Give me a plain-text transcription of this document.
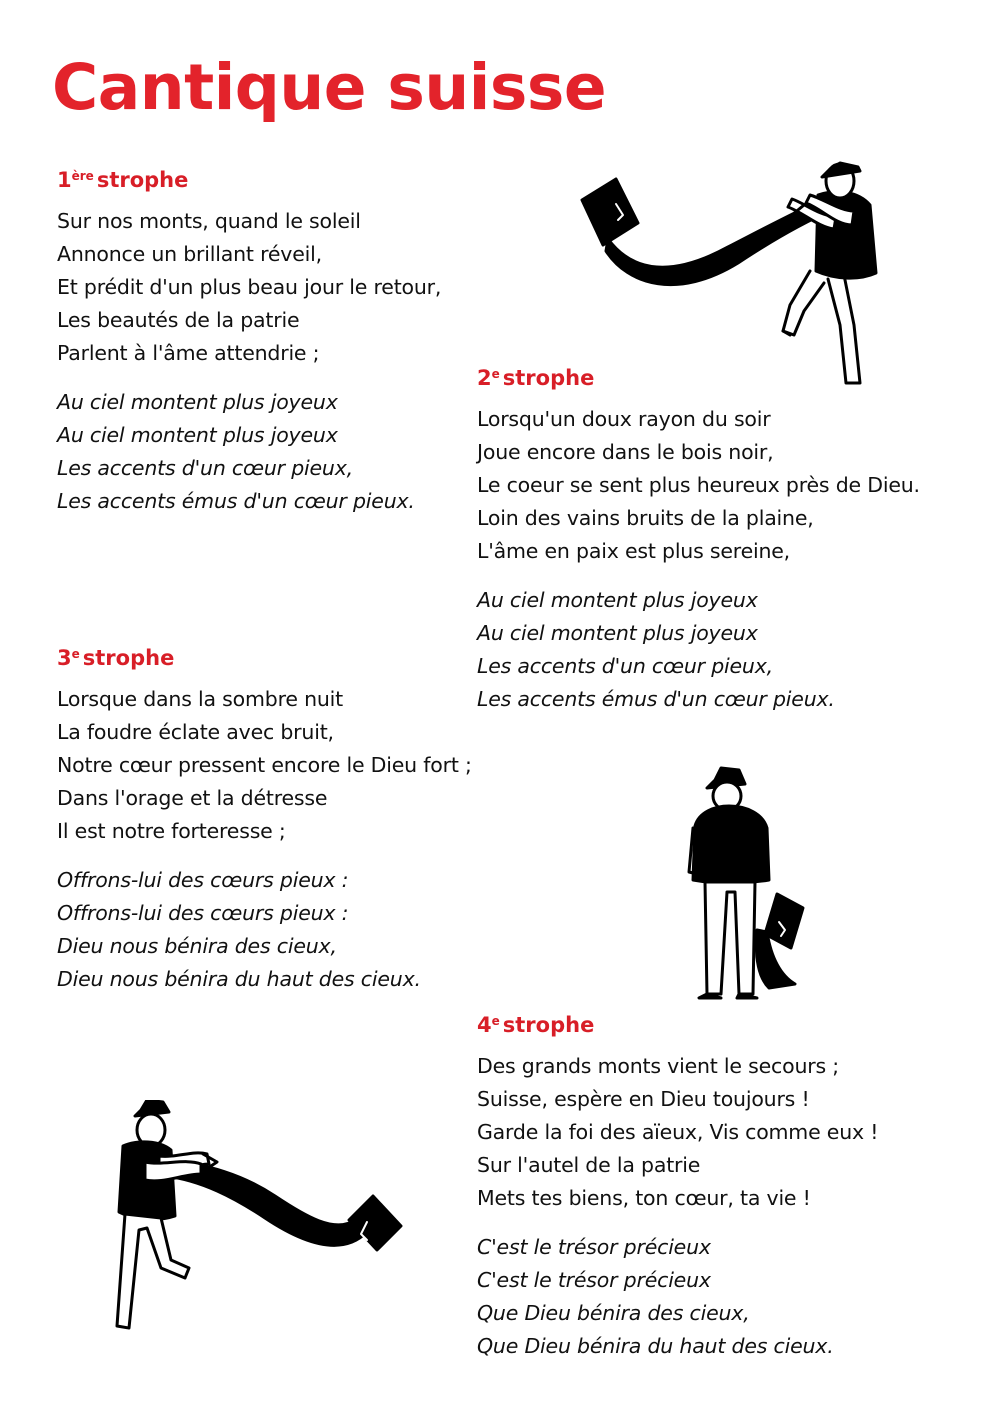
Cantique suisse
1ère strophe
Sur nos monts, quand le soleil
Annonce un brillant réveil,
Et prédit d'un plus beau jour le retour,
Les beautés de la patrie
Parlent à l'âme attendrie ;
Au ciel montent plus joyeux
Au ciel montent plus joyeux
Les accents d'un cœur pieux,
Les accents émus d'un cœur pieux.
2e strophe
Lorsqu'un doux rayon du soir
Joue encore dans le bois noir,
Le coeur se sent plus heureux près de Dieu.
Loin des vains bruits de la plaine,
L'âme en paix est plus sereine,
Au ciel montent plus joyeux
Au ciel montent plus joyeux
Les accents d'un cœur pieux,
Les accents émus d'un cœur pieux.
3e strophe
Lorsque dans la sombre nuit
La foudre éclate avec bruit,
Notre cœur pressent encore le Dieu fort ;
Dans l'orage et la détresse
Il est notre forteresse ;
Offrons-lui des cœurs pieux :
Offrons-lui des cœurs pieux :
Dieu nous bénira des cieux,
Dieu nous bénira du haut des cieux.
4e strophe
Des grands monts vient le secours ;
Suisse, espère en Dieu toujours !
Garde la foi des aïeux, Vis comme eux !
Sur l'autel de la patrie
Mets tes biens, ton cœur, ta vie !
C'est le trésor précieux
C'est le trésor précieux
Que Dieu bénira des cieux,
Que Dieu bénira du haut des cieux.
